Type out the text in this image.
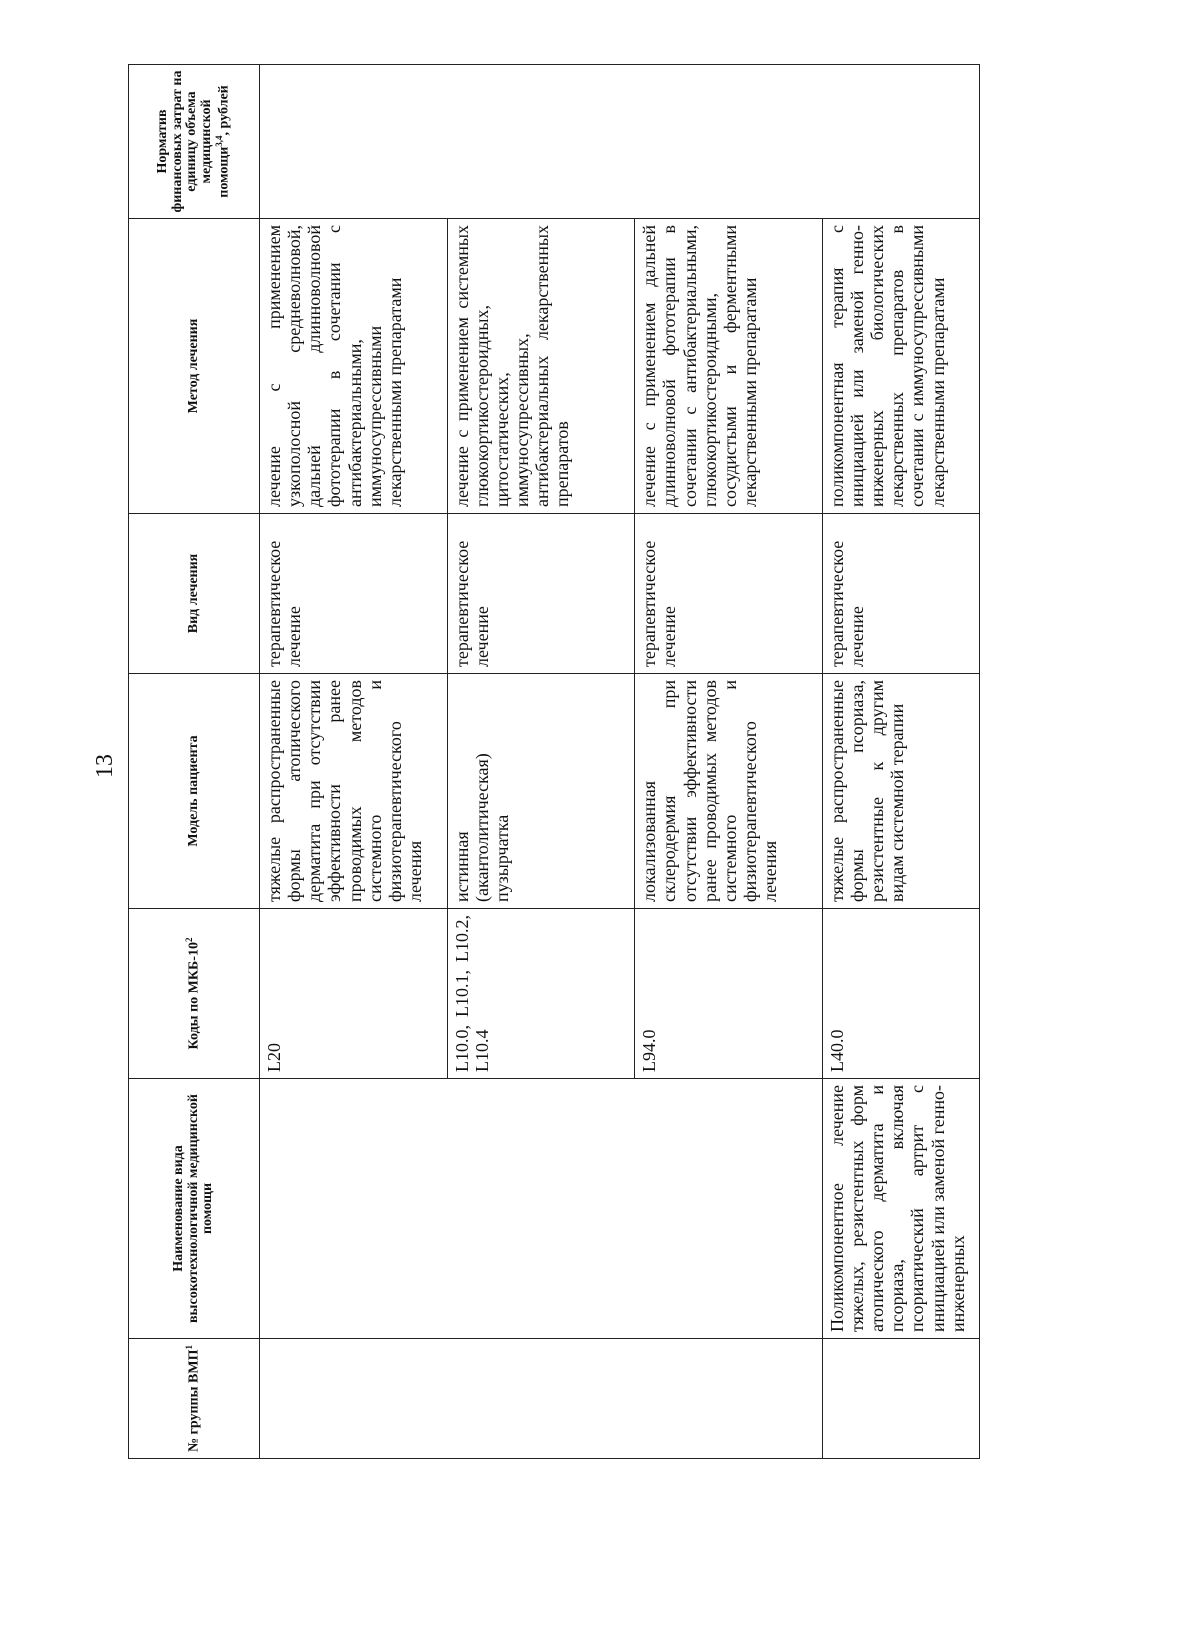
13
№ группы ВМП$^1$	Наименование вида высокотехнологичной медицинской помощи	Коды по МКБ-$10^2$	Модель пациента	Вид лечения	Метод лечения	Норматив финансовых затрат на единицу объема медицинской помощи$^{3,4}$, рублей
		L20	тяжелые распространенные формы атопического дерматита при отсутствии эффективности ранее проводимых методов системного и физиотерапевтического лечения	терапевтическое лечение	лечение с применением узкополосной средневолновой, дальней длинноволновой фототерапии в сочетании с антибактериальными, иммуносупрессивными лекарственными препаратами	
		L10.0, L10.1, L10.2, L10.4	истинная (акантолитическая) пузырчатка	терапевтическое лечение	лечение с применением системных глюкокортикостероидных, цитостатических, иммуносупрессивных, антибактериальных лекарственных препаратов	
		L94.0	локализованная склеродермия при отсутствии эффективности ранее проводимых методов системного и физиотерапевтического лечения	терапевтическое лечение	лечение с применением дальней длинноволновой фототерапии в сочетании с антибактериальными, глюкокортикостероидными, сосудистыми и ферментными лекарственными препаратами	
	Поликомпонентное лечение тяжелых, резистентных форм атопического дерматита и псориаза, включая псориатический артрит с инициацией или заменой генно-инженерных	L40.0	тяжелые распространенные формы псориаза, резистентные к другим видам системной терапии	терапевтическое лечение	поликомпонентная терапия с инициацией или заменой генно-инженерных биологических лекарственных препаратов в сочетании с иммуносупрессивными лекарственными препаратами	
